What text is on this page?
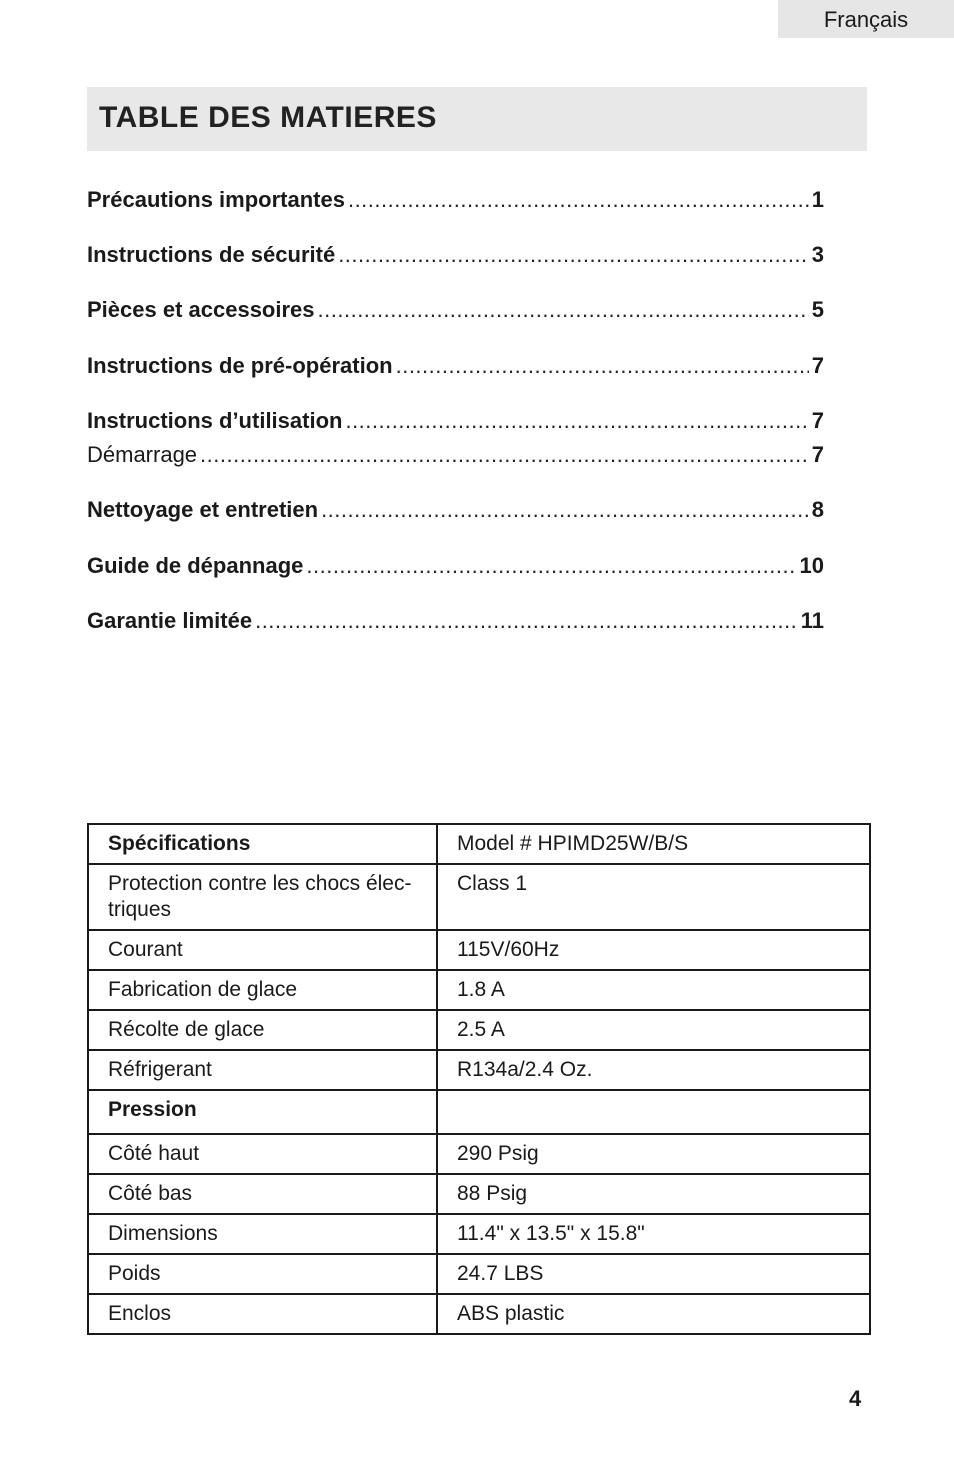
Français
TABLE DES MATIERES
Précautions importantes .....	1
Instructions de sécurité .....	3
Pièces et accessoires .....	5
Instructions de pré-opération .....	7
Instructions d’utilisation .....	7
Démarrage .....	7
Nettoyage et entretien .....	8
Guide de dépannage .....	10
Garantie limitée .....	11
Spécifications	Model # HPIMD25W/B/S
Protection contre les chocs élec-triques	Class 1
Courant	115V/60Hz
Fabrication de glace	1.8 A
Récolte de glace	2.5 A
Réfrigerant	R134a/2.4 Oz.
Pression	
Côté haut	290 Psig
Côté bas	88 Psig
Dimensions	11.4" x 13.5" x 15.8"
Poids	24.7 LBS
Enclos	ABS plastic
4
